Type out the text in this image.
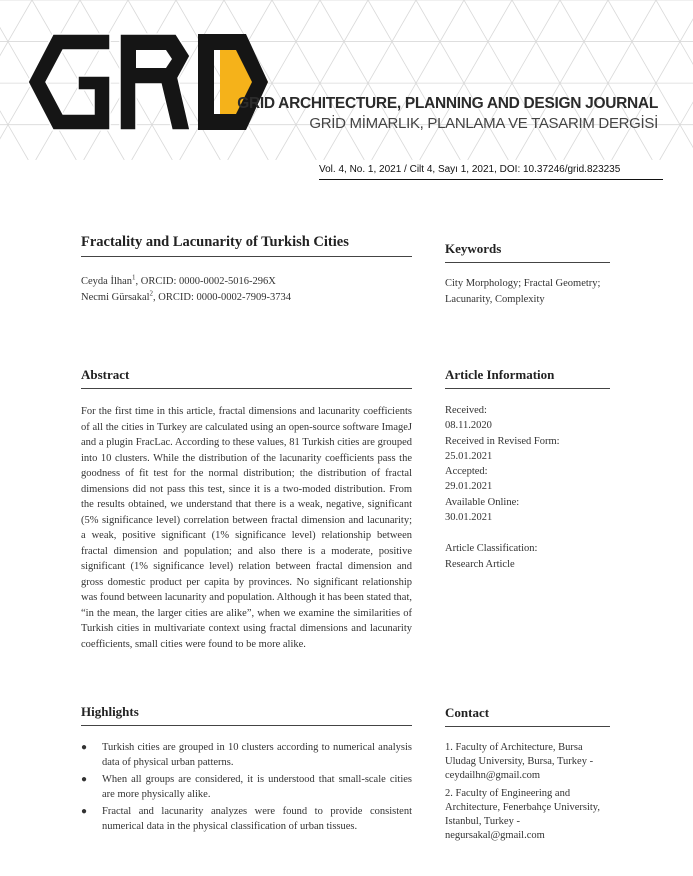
GRID ARCHITECTURE, PLANNING AND DESIGN JOURNAL
GRİD MİMARLIK, PLANLAMA VE TASARIM DERGİSİ
Vol. 4, No. 1, 2021 / Cilt 4, Sayı 1, 2021, DOI: 10.37246/grid.823235
Fractality and Lacunarity of Turkish Cities
Ceyda İlhan$^1$, ORCID: 0000-0002-5016-296X
Necmi Gürsakal$^2$, ORCID: 0000-0002-7909-3734
Keywords
City Morphology; Fractal Geometry; Lacunarity, Complexity
Abstract
For the first time in this article, fractal dimensions and lacunarity coefficients of all the cities in Turkey are calculated using an open-source software ImageJ and a plugin FracLac. According to these values, 81 Turkish cities are grouped into 10 clusters. While the distribution of the lacunarity coefficients pass the goodness of fit test for the normal distribution; the distribution of fractal dimensions did not pass this test, since it is a two-moded distribution. From the results obtained, we understand that there is a weak, negative, significant (5% significance level) correlation between fractal dimension and lacunarity; a weak, positive significant (1% significance level) relationship between fractal dimension and population; and also there is a moderate, positive significant (1% significance level) relation between fractal dimension and gross domestic product per capita by provinces. No significant relationship was found between lacunarity and population. Although it has been stated that, “in the mean, the larger cities are alike”, when we examine the similarities of Turkish cities in multivariate context using fractal dimensions and lacunarity coefficients, small cities were found to be more alike.
Article Information
Received:
08.11.2020
Received in Revised Form:
25.01.2021
Accepted:
29.01.2021
Available Online:
30.01.2021
Article Classification:
Research Article
Highlights
● Turkish cities are grouped in 10 clusters according to numerical analysis data of physical urban patterns.
● When all groups are considered, it is understood that small-scale cities are more physically alike.
● Fractal and lacunarity analyzes were found to provide consistent numerical data in the physical classification of urban tissues.
Contact

1. Faculty of Architecture, Bursa Uludag University, Bursa, Turkey - ceydailhn@gmail.com

2. Faculty of Engineering and Architecture, Fenerbahçe University, Istanbul, Turkey - negursakal@gmail.com
